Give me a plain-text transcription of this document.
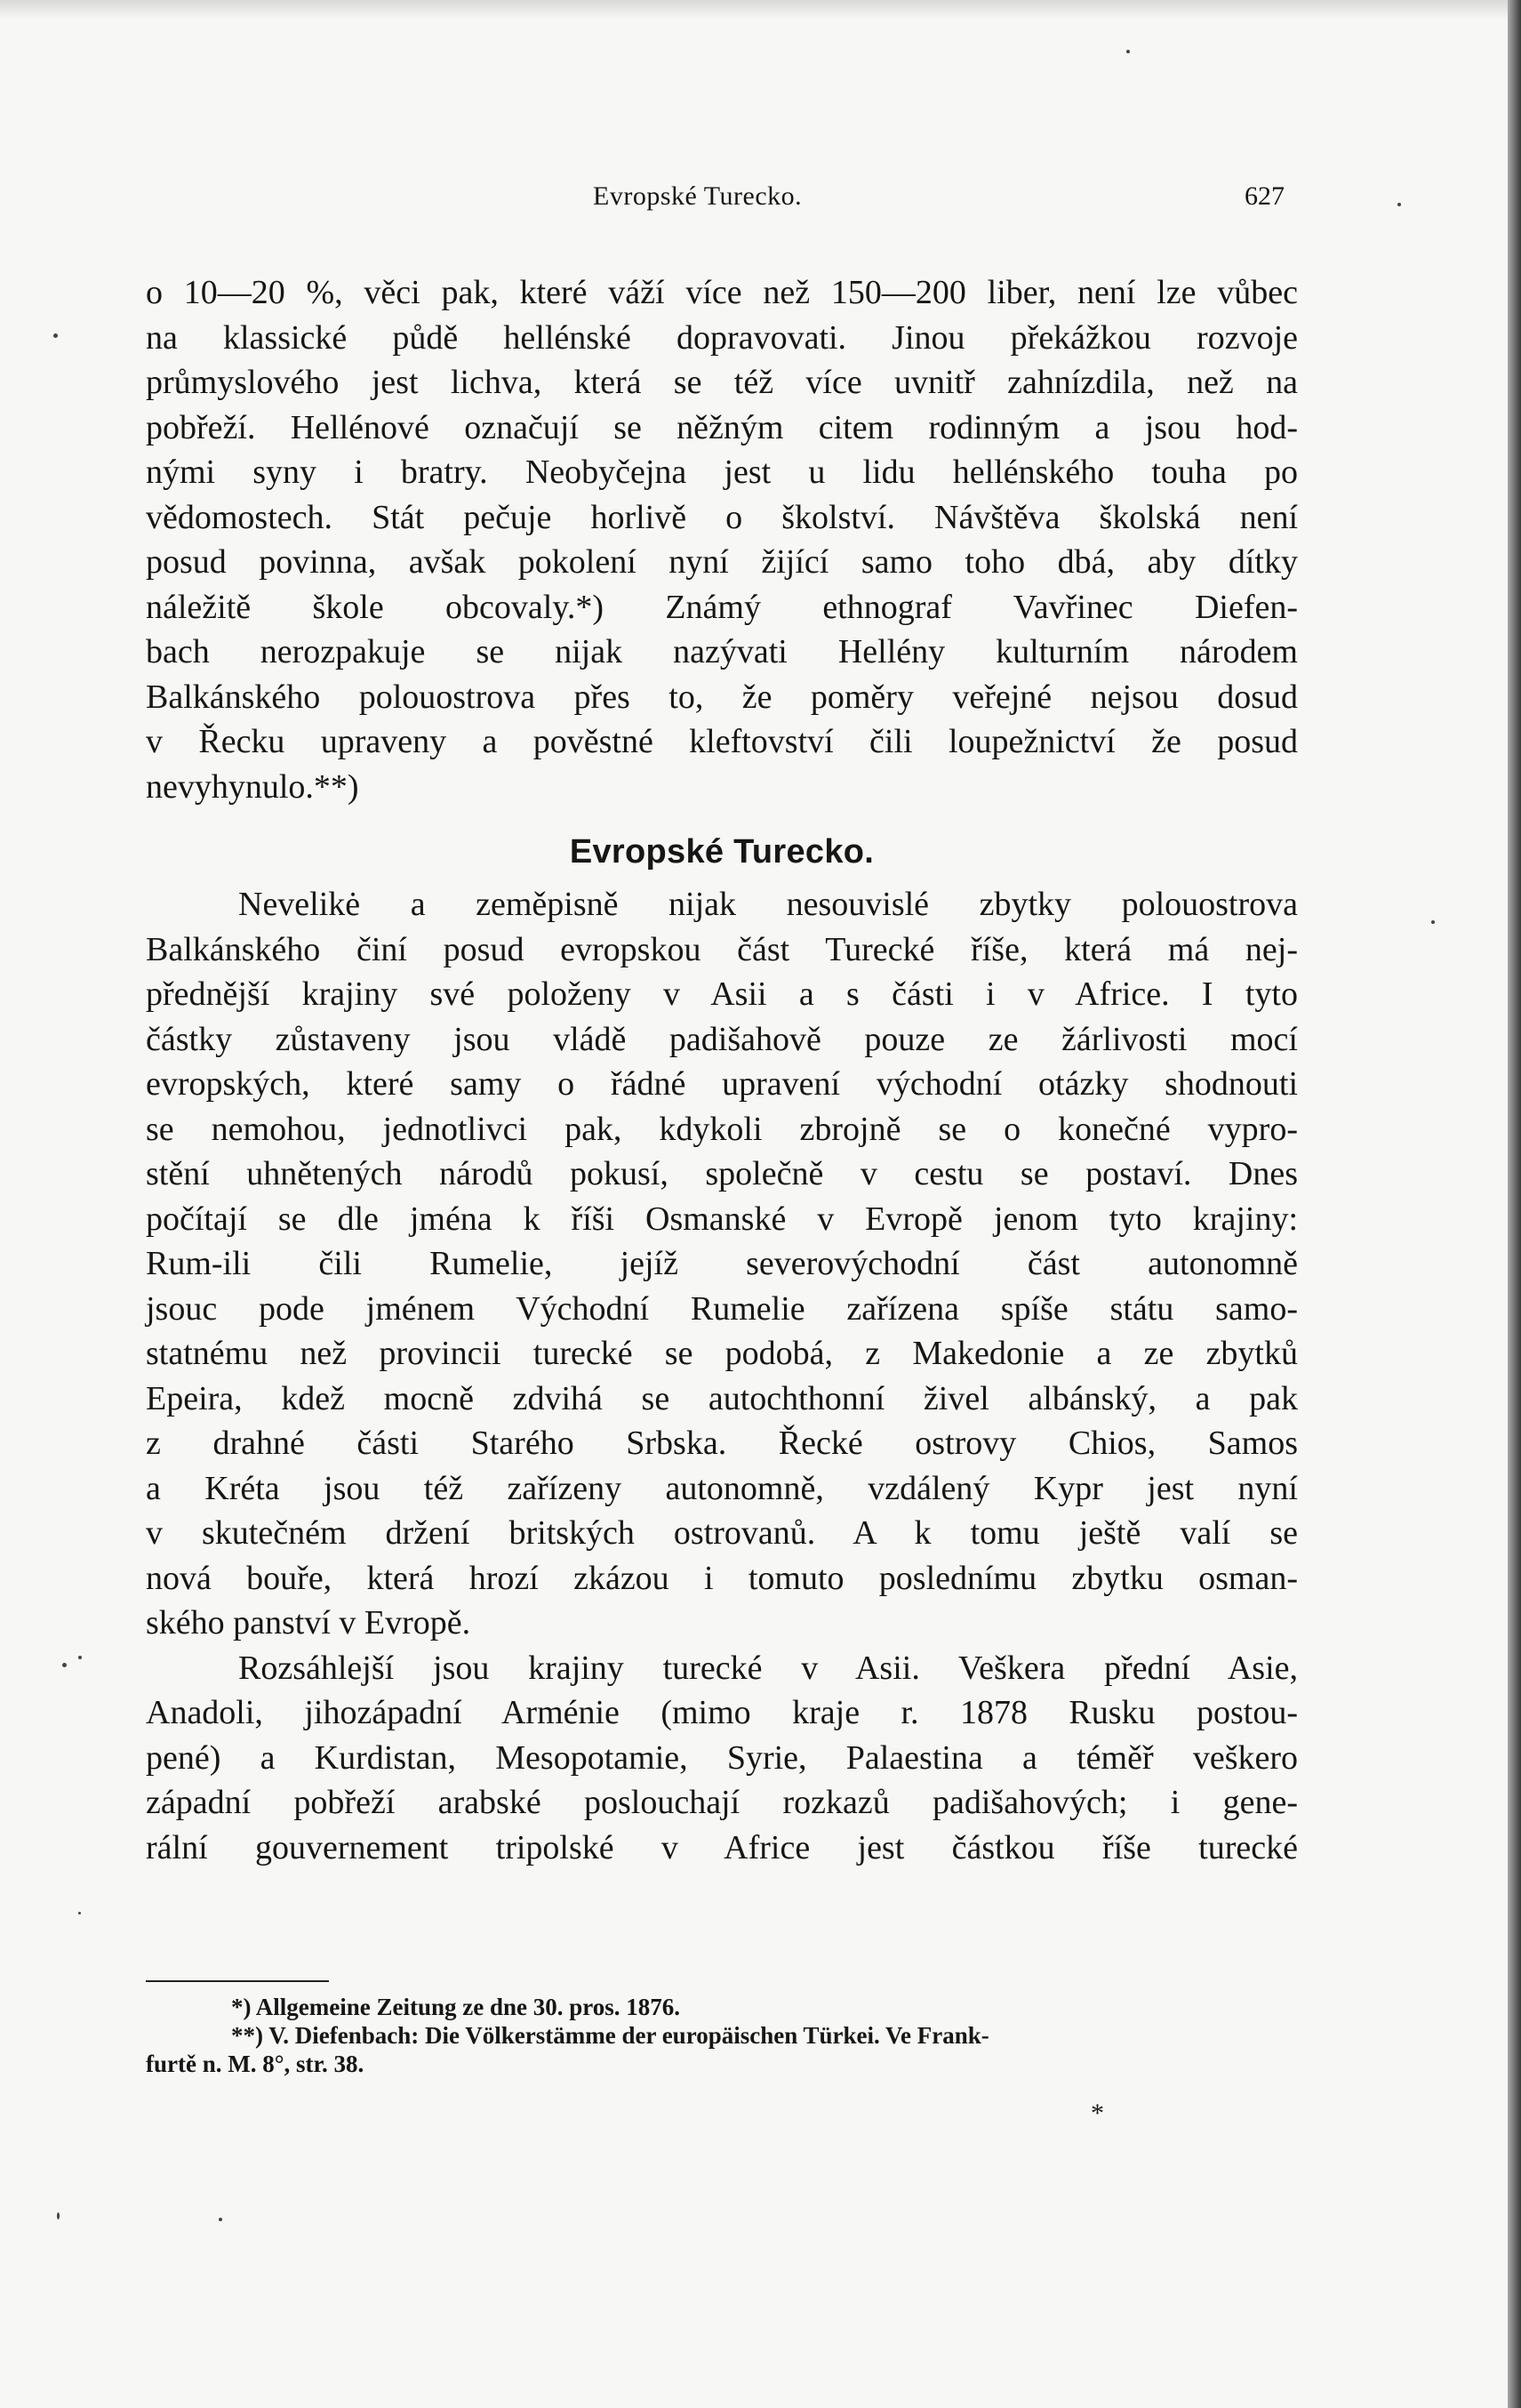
Evropské Turecko.	627
o 10—20 %, věci pak, které váží více než 150—200 liber, není lze vůbec
na klassické půdě hellénské dopravovati. Jinou překážkou rozvoje
průmyslového jest lichva, která se též více uvnitř zahnízdila, než na
pobřeží. Hellénové označují se něžným citem rodinným a jsou hod-
nými syny i bratry. Neobyčejna jest u lidu hellénského touha po
vědomostech. Stát pečuje horlivě o školství. Návštěva školská není
posud povinna, avšak pokolení nyní žijící samo toho dbá, aby dítky
náležitě škole obcovaly.*) Známý ethnograf Vavřinec Diefen-
bach nerozpakuje se nijak nazývati Hellény kulturním národem
Balkánského polouostrova přes to, že poměry veřejné nejsou dosud
v Řecku upraveny a pověstné kleftovství čili loupežnictví že posud
nevyhynulo.**)
Evropské Turecko.
Nevelikė a zeměpisně nijak nesouvislé zbytky polouostrova
Balkánského činí posud evropskou část Turecké říše, která má nej-
přednější krajiny své položeny v Asii a s části i v Africe. I tyto
částky zůstaveny jsou vládě padišahově pouze ze žárlivosti mocí
evropských, které samy o řádné upravení východní otázky shodnouti
se nemohou, jednotlivci pak, kdykoli zbrojně se o konečné vypro-
stění uhnětených národů pokusí, společně v cestu se postaví. Dnes
počítají se dle jména k říši Osmanské v Evropě jenom tyto krajiny:
Rum-ili čili Rumelie, jejíž severovýchodní část autonomně
jsouc pode jménem Východní Rumelie zařízena spíše státu samo-
statnému než provincii turecké se podobá, z Makedonie a ze zbytků
Epeira, kdež mocně zdvihá se autochthonní živel albánský, a pak
z drahné části Starého Srbska. Řecké ostrovy Chios, Samos
a Kréta jsou též zařízeny autonomně, vzdálený Kypr jest nyní
v skutečném držení britských ostrovanů. A k tomu ještě valí se
nová bouře, která hrozí zkázou i tomuto poslednímu zbytku osman-
ského panství v Evropě.
Rozsáhlejší jsou krajiny turecké v Asii. Veškera přední Asie,
Anadoli, jihozápadní Arménie (mimo kraje r. 1878 Rusku postou-
pené) a Kurdistan, Mesopotamie, Syrie, Palaestina a téměř veškero
západní pobřeží arabské poslouchají rozkazů padišahových; i gene-
rální gouvernement tripolské v Africe jest částkou říše turecké
*) Allgemeine Zeitung ze dne 30. pros. 1876.
**) V. Diefenbach: Die Völkerstämme der europäischen Türkei. Ve Frank-
furtě n. M. 8°, str. 38.
*
